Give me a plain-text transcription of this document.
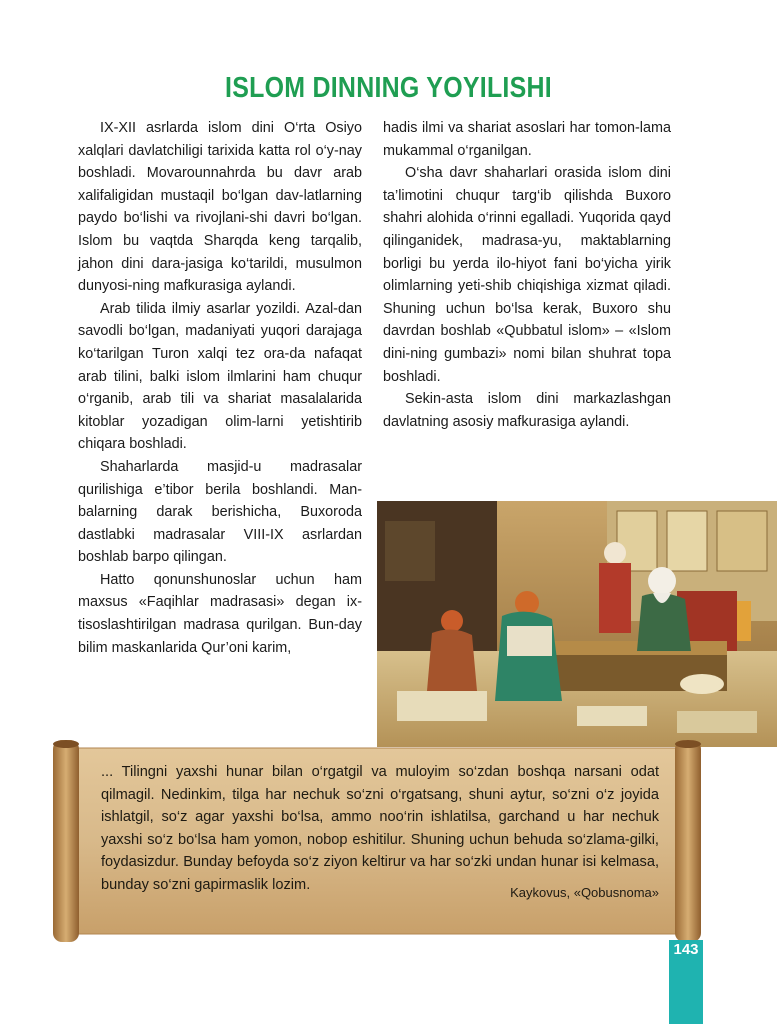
ISLOM DINNING YOYILISHI

IX-XII asrlarda islom dini O‘rta Osiyo xalqlari davlatchiligi tarixida katta rol o‘y-nay boshladi. Movarounnahrda bu davr arab xalifaligidan mustaqil bo‘lgan dav-latlarning paydo bo‘lishi va rivojlani-shi davri bo‘lgan. Islom bu vaqtda Sharqda keng tarqalib, jahon dini dara-jasiga ko‘tarildi, musulmon dunyosi-ning mafkurasiga aylandi.

Arab tilida ilmiy asarlar yozildi. Azal-dan savodli bo‘lgan, madaniyati yuqori darajaga ko‘tarilgan Turon xalqi tez ora-da nafaqat arab tilini, balki islom ilmlarini ham chuqur o‘rganib, arab tili va shariat masalalarida kitoblar yozadigan olim-larni yetishtirib chiqara boshladi.

Shaharlarda masjid-u madrasalar qurilishiga e’tibor berila boshlandi. Man-balarning darak berishicha, Buxoroda dastlabki madrasalar VIII-IX asrlardan boshlab barpo qilingan.

Hatto qonunshunoslar uchun ham maxsus «Faqihlar madrasasi» degan ix-tisoslashtirilgan madrasa qurilgan. Bun-day bilim maskanlarida Qur’oni karim,

hadis ilmi va shariat asoslari har tomon-lama mukammal o‘rganilgan.

O‘sha davr shaharlari orasida islom dini ta’limotini chuqur targ‘ib qilishda Buxoro shahri alohida o‘rinni egalladi. Yuqorida qayd qilinganidek, madrasa-yu, maktablarning borligi bu yerda ilo-hiyot fani bo‘yicha yirik olimlarning yeti-shib chiqishiga xizmat qiladi. Shuning uchun bo‘lsa kerak, Buxoro shu davrdan boshlab «Qubbatul islom» – «Islom dini-ning gumbazi» nomi bilan shuhrat topa boshladi.

Sekin-asta islom dini markazlashgan davlatning asosiy mafkurasiga aylandi.

... Tilingni yaxshi hunar bilan o‘rgatgil va muloyim so‘zdan boshqa narsani odat qilmagil. Nedinkim, tilga har nechuk so‘zni o‘rgatsang, shuni aytur, so‘zni o‘z joyida ishlatgil, so‘z agar yaxshi bo‘lsa, ammo noo‘rin ishlatilsa, garchand u har nechuk yaxshi so‘z bo‘lsa ham yomon, nobop eshitilur. Shuning uchun behuda so‘zlama-gilki, foydasizdur. Bunday befoyda so‘z ziyon keltirur va har so‘zki undan hunar isi kelmasa, bunday so‘zni gapirmaslik lozim.	Kaykovus, «Qobusnoma»
143
